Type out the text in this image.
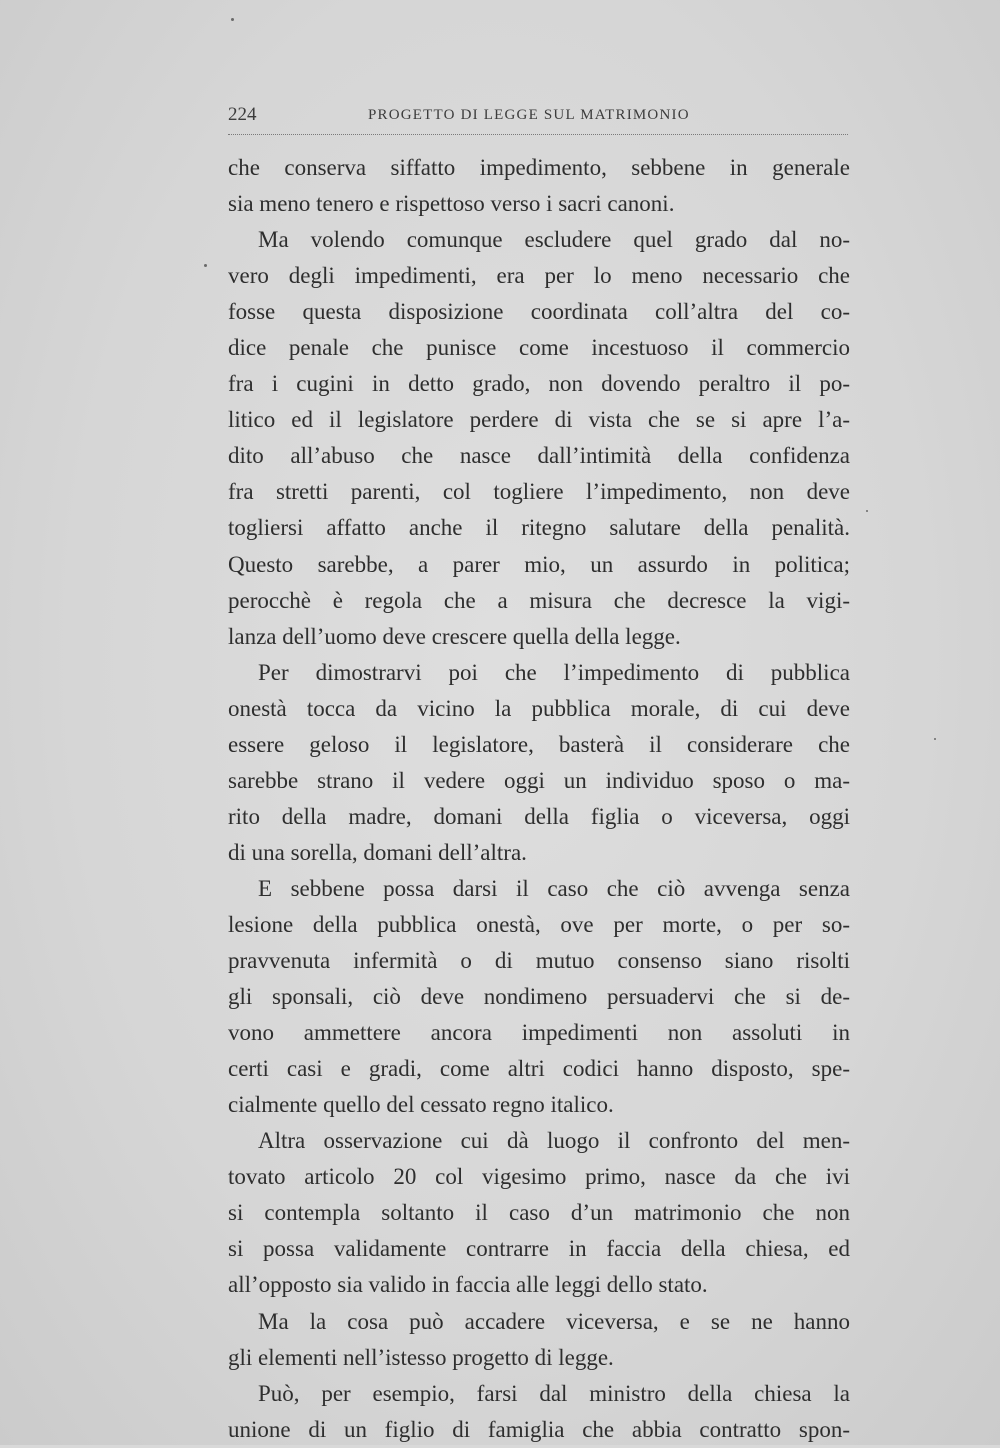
224	PROGETTO DI LEGGE SUL MATRIMONIO
che conserva siffatto impedimento, sebbene in generale
sia meno tenero e rispettoso verso i sacri canoni.
Ma volendo comunque escludere quel grado dal no-
vero degli impedimenti, era per lo meno necessario che
fosse questa disposizione coordinata coll’altra del co-
dice penale che punisce come incestuoso il commercio
fra i cugini in detto grado, non dovendo peraltro il po-
litico ed il legislatore perdere di vista che se si apre l’a-
dito all’abuso che nasce dall’intimità della confidenza
fra stretti parenti, col togliere l’impedimento, non deve
togliersi affatto anche il ritegno salutare della penalità.
Questo sarebbe, a parer mio, un assurdo in politica;
perocchè è regola che a misura che decresce la vigi-
lanza dell’uomo deve crescere quella della legge.
Per dimostrarvi poi che l’impedimento di pubblica
onestà tocca da vicino la pubblica morale, di cui deve
essere geloso il legislatore, basterà il considerare che
sarebbe strano il vedere oggi un individuo sposo o ma-
rito della madre, domani della figlia o viceversa, oggi
di una sorella, domani dell’altra.
E sebbene possa darsi il caso che ciò avvenga senza
lesione della pubblica onestà, ove per morte, o per so-
pravvenuta infermità o di mutuo consenso siano risolti
gli sponsali, ciò deve nondimeno persuadervi che si de-
vono ammettere ancora impedimenti non assoluti in
certi casi e gradi, come altri codici hanno disposto, spe-
cialmente quello del cessato regno italico.
Altra osservazione cui dà luogo il confronto del men-
tovato articolo 20 col vigesimo primo, nasce da che ivi
si contempla soltanto il caso d’un matrimonio che non
si possa validamente contrarre in faccia della chiesa, ed
all’opposto sia valido in faccia alle leggi dello stato.
Ma la cosa può accadere viceversa, e se ne hanno
gli elementi nell’istesso progetto di legge.
Può, per esempio, farsi dal ministro della chiesa la
unione di un figlio di famiglia che abbia contratto spon-
